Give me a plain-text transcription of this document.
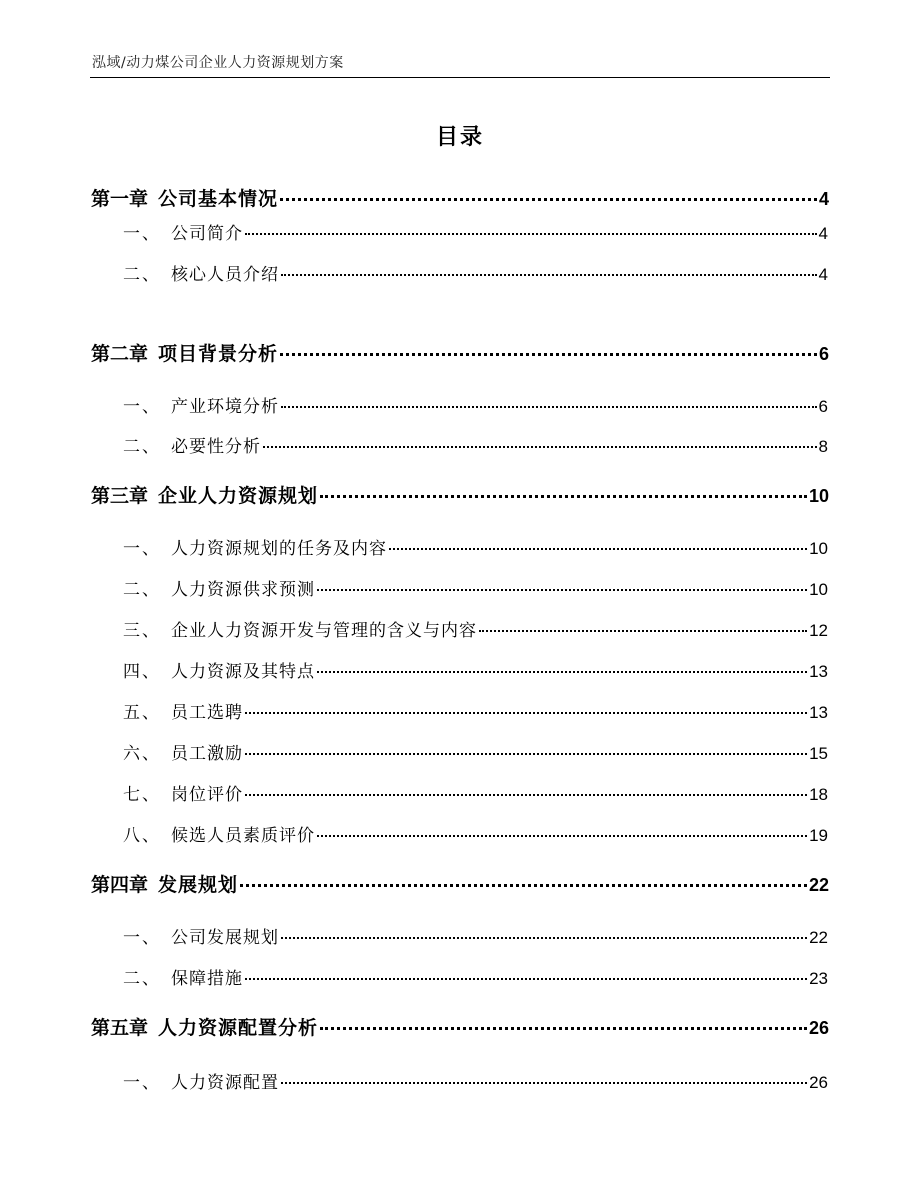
泓域/动力煤公司企业人力资源规划方案
目录
第一章 公司基本情况	4
一、 公司简介	4
二、 核心人员介绍	4
第二章 项目背景分析	6
一、 产业环境分析	6
二、 必要性分析	8
第三章 企业人力资源规划	10
一、 人力资源规划的任务及内容	10
二、 人力资源供求预测	10
三、 企业人力资源开发与管理的含义与内容	12
四、 人力资源及其特点	13
五、 员工选聘	13
六、 员工激励	15
七、 岗位评价	18
八、 候选人员素质评价	19
第四章 发展规划	22
一、 公司发展规划	22
二、 保障措施	23
第五章 人力资源配置分析	26
一、 人力资源配置	26
